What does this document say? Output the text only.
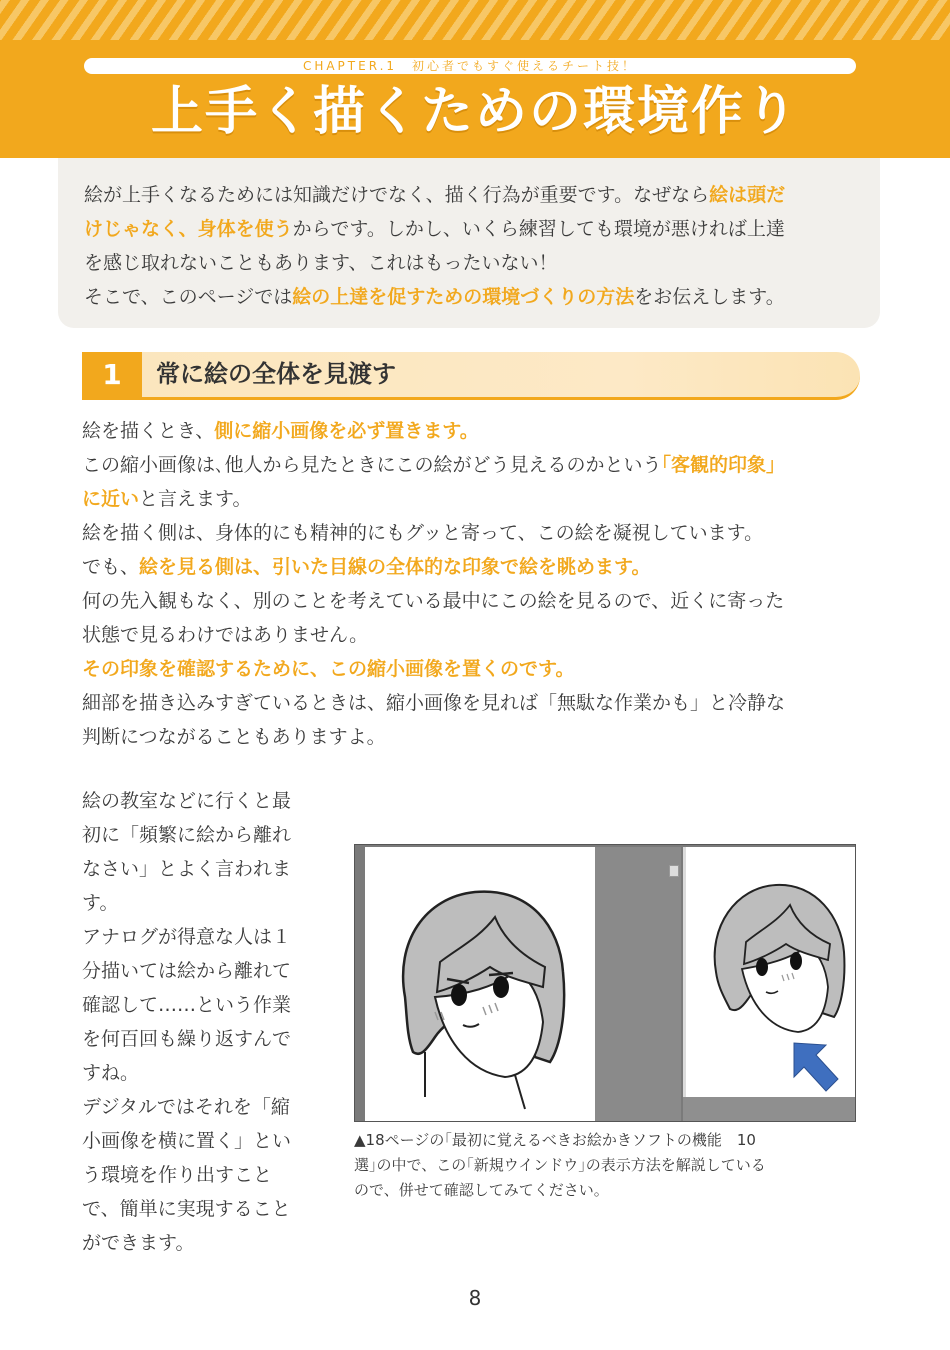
CHAPTER.1　初心者でもすぐ使えるチート技！
上手く描くための環境作り

絵が上手くなるためには知識だけでなく、描く行為が重要です。なぜなら絵は頭だ

けじゃなく、身体を使うからです。しかし、いくら練習しても環境が悪ければ上達

を感じ取れないこともあります、これはもったいない！

そこで、このページでは絵の上達を促すための環境づくりの方法をお伝えします。

1	常に絵の全体を見渡す

絵を描くとき、側に縮小画像を必ず置きます。

この縮小画像は､他人から見たときにこの絵がどう見えるのかという｢客観的印象｣

に近いと言えます。

絵を描く側は、身体的にも精神的にもグッと寄って、この絵を凝視しています。

でも、絵を見る側は、引いた目線の全体的な印象で絵を眺めます。

何の先入観もなく、別のことを考えている最中にこの絵を見るので、近くに寄った

状態で見るわけではありません。

その印象を確認するために、この縮小画像を置くのです。

細部を描き込みすぎているときは、縮小画像を見れば「無駄な作業かも」と冷静な

判断につながることもありますよ。

絵の教室などに行くと最

初に「頻繁に絵から離れ

なさい」とよく言われま

す。

アナログが得意な人は１

分描いては絵から離れて

確認して……という作業

を何百回も繰り返すんで

すね。

デジタルではそれを「縮

小画像を横に置く」とい

う環境を作り出すこと

で、簡単に実現すること

ができます。

▲18ページの｢最初に覚えるべきお絵かきソフトの機能　10

選｣の中で、この｢新規ウインドウ｣の表示方法を解説している

ので、併せて確認してみてください。

8
